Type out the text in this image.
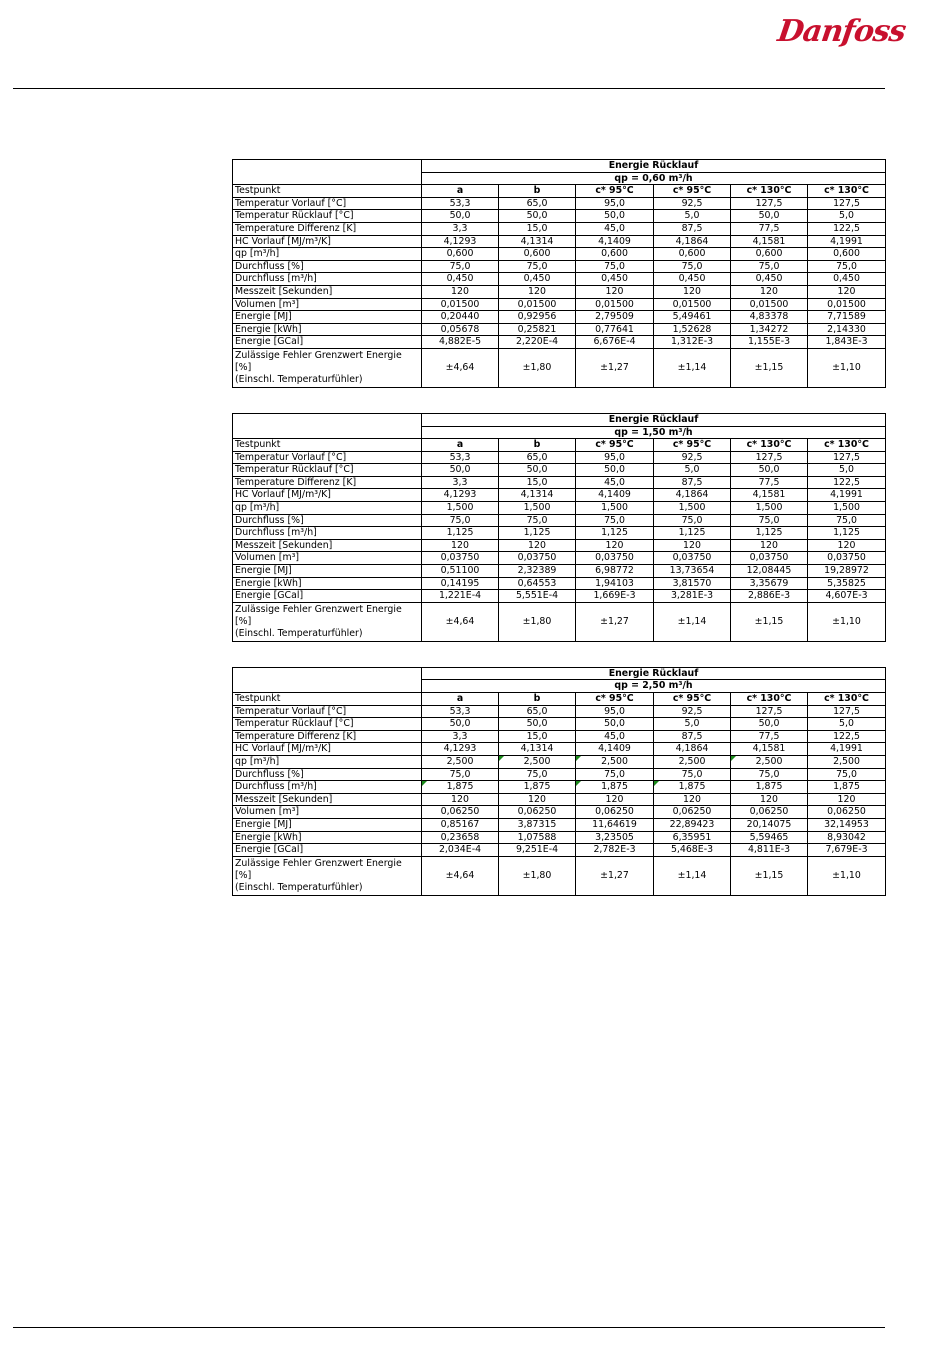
Danfoss
	Energie Rücklauf					
	qp = 0,60 m³/h					
Testpunkt	a	b	c* 95°C	c* 95°C	c* 130°C	c* 130°C
Temperatur Vorlauf [°C]	53,3	65,0	95,0	92,5	127,5	127,5
Temperatur Rücklauf [°C]	50,0	50,0	50,0	5,0	50,0	5,0
Temperature Differenz [K]	3,3	15,0	45,0	87,5	77,5	122,5
HC Vorlauf [MJ/m³/K]	4,1293	4,1314	4,1409	4,1864	4,1581	4,1991
qp [m³/h]	0,600	0,600	0,600	0,600	0,600	0,600
Durchfluss [%]	75,0	75,0	75,0	75,0	75,0	75,0
Durchfluss [m³/h]	0,450	0,450	0,450	0,450	0,450	0,450
Messzeit [Sekunden]	120	120	120	120	120	120
Volumen [m³]	0,01500	0,01500	0,01500	0,01500	0,01500	0,01500
Energie [MJ]	0,20440	0,92956	2,79509	5,49461	4,83378	7,71589
Energie [kWh]	0,05678	0,25821	0,77641	1,52628	1,34272	2,14330
Energie [GCal]	4,882E-5	2,220E-4	6,676E-4	1,312E-3	1,155E-3	1,843E-3

Zulässige Fehler Grenzwert Energie
[%]
(Einschl. Temperaturfühler)	±4,64	±1,80	±1,27	±1,14	±1,15	±1,10
	Energie Rücklauf					
	qp = 1,50 m³/h					
Testpunkt	a	b	c* 95°C	c* 95°C	c* 130°C	c* 130°C
Temperatur Vorlauf [°C]	53,3	65,0	95,0	92,5	127,5	127,5
Temperatur Rücklauf [°C]	50,0	50,0	50,0	5,0	50,0	5,0
Temperature Differenz [K]	3,3	15,0	45,0	87,5	77,5	122,5
HC Vorlauf [MJ/m³/K]	4,1293	4,1314	4,1409	4,1864	4,1581	4,1991
qp [m³/h]	1,500	1,500	1,500	1,500	1,500	1,500
Durchfluss [%]	75,0	75,0	75,0	75,0	75,0	75,0
Durchfluss [m³/h]	1,125	1,125	1,125	1,125	1,125	1,125
Messzeit [Sekunden]	120	120	120	120	120	120
Volumen [m³]	0,03750	0,03750	0,03750	0,03750	0,03750	0,03750
Energie [MJ]	0,51100	2,32389	6,98772	13,73654	12,08445	19,28972
Energie [kWh]	0,14195	0,64553	1,94103	3,81570	3,35679	5,35825
Energie [GCal]	1,221E-4	5,551E-4	1,669E-3	3,281E-3	2,886E-3	4,607E-3

Zulässige Fehler Grenzwert Energie
[%]
(Einschl. Temperaturfühler)	±4,64	±1,80	±1,27	±1,14	±1,15	±1,10
	Energie Rücklauf					
	qp = 2,50 m³/h					
Testpunkt	a	b	c* 95°C	c* 95°C	c* 130°C	c* 130°C
Temperatur Vorlauf [°C]	53,3	65,0	95,0	92,5	127,5	127,5
Temperatur Rücklauf [°C]	50,0	50,0	50,0	5,0	50,0	5,0
Temperature Differenz [K]	3,3	15,0	45,0	87,5	77,5	122,5
HC Vorlauf [MJ/m³/K]	4,1293	4,1314	4,1409	4,1864	4,1581	4,1991
qp [m³/h]	2,500	2,500	2,500	2,500	2,500	2,500
Durchfluss [%]	75,0	75,0	75,0	75,0	75,0	75,0
Durchfluss [m³/h]	1,875	1,875	1,875	1,875	1,875	1,875
Messzeit [Sekunden]	120	120	120	120	120	120
Volumen [m³]	0,06250	0,06250	0,06250	0,06250	0,06250	0,06250
Energie [MJ]	0,85167	3,87315	11,64619	22,89423	20,14075	32,14953
Energie [kWh]	0,23658	1,07588	3,23505	6,35951	5,59465	8,93042
Energie [GCal]	2,034E-4	9,251E-4	2,782E-3	5,468E-3	4,811E-3	7,679E-3

Zulässige Fehler Grenzwert Energie
[%]
(Einschl. Temperaturfühler)	±4,64	±1,80	±1,27	±1,14	±1,15	±1,10
